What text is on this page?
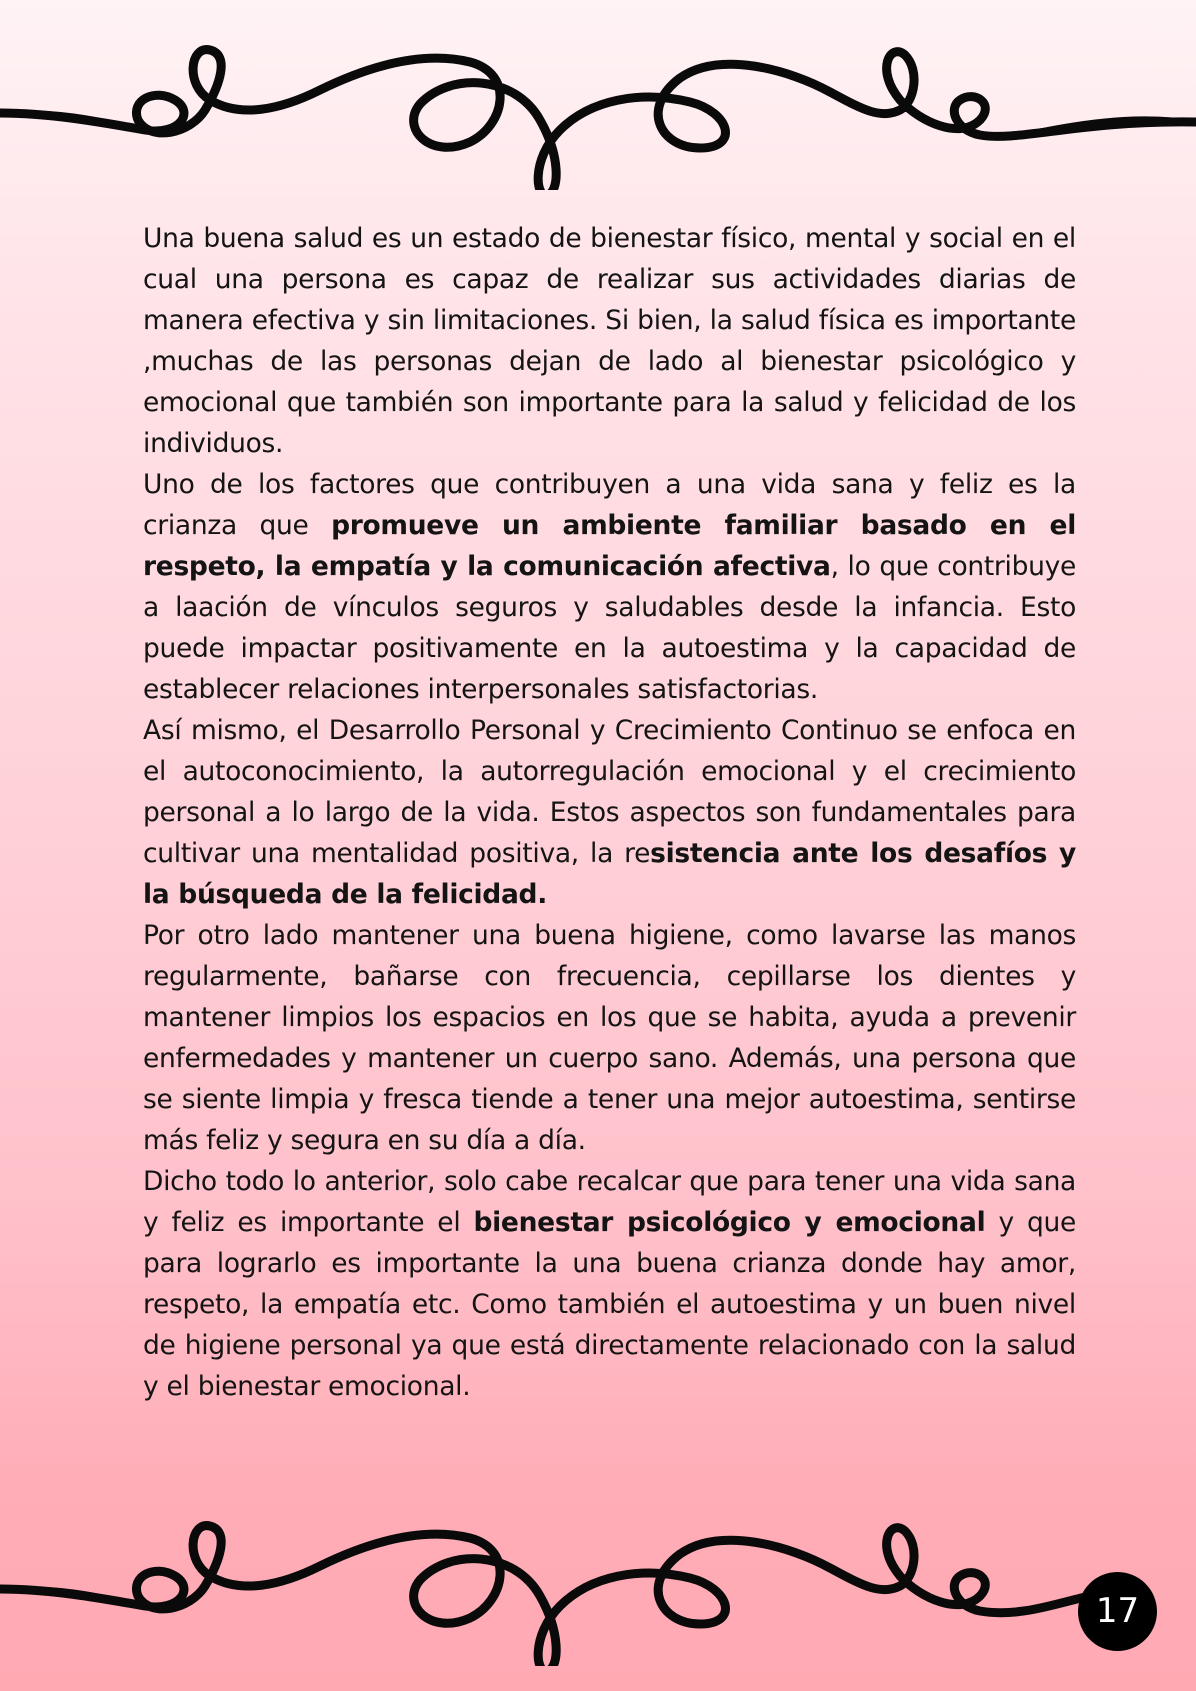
Una buena salud es un estado de bienestar físico, mental y social en el cual una persona es capaz de realizar sus actividades diarias de manera efectiva y sin limitaciones. Si bien, la salud física es importante ,muchas de las personas dejan de lado al bienestar psicológico y emocional que también son importante para la salud y felicidad de los individuos.

Uno de los factores que contribuyen a una vida sana y feliz es la crianza que promueve un ambiente familiar basado en el respeto, la empatía y la comunicación afectiva, lo que contribuye a laación de vínculos seguros y saludables desde la infancia. Esto puede impactar positivamente en la autoestima y la capacidad de establecer relaciones interpersonales satisfactorias.

Así mismo, el Desarrollo Personal y Crecimiento Continuo se enfoca en el autoconocimiento, la autorregulación emocional y el crecimiento personal a lo largo de la vida. Estos aspectos son fundamentales para cultivar una mentalidad positiva, la resistencia ante los desafíos y la búsqueda de la felicidad.

Por otro lado mantener una buena higiene, como lavarse las manos regularmente, bañarse con frecuencia, cepillarse los dientes y mantener limpios los espacios en los que se habita, ayuda a prevenir enfermedades y mantener un cuerpo sano. Además, una persona que se siente limpia y fresca tiende a tener una mejor autoestima, sentirse más feliz y segura en su día a día.

Dicho todo lo anterior, solo cabe recalcar que para tener una vida sana y feliz es importante el bienestar psicológico y emocional y que para lograrlo es importante la una buena crianza donde hay amor, respeto, la empatía etc. Como también el autoestima y un buen nivel de higiene personal ya que está directamente relacionado con la salud y el bienestar emocional.

17
